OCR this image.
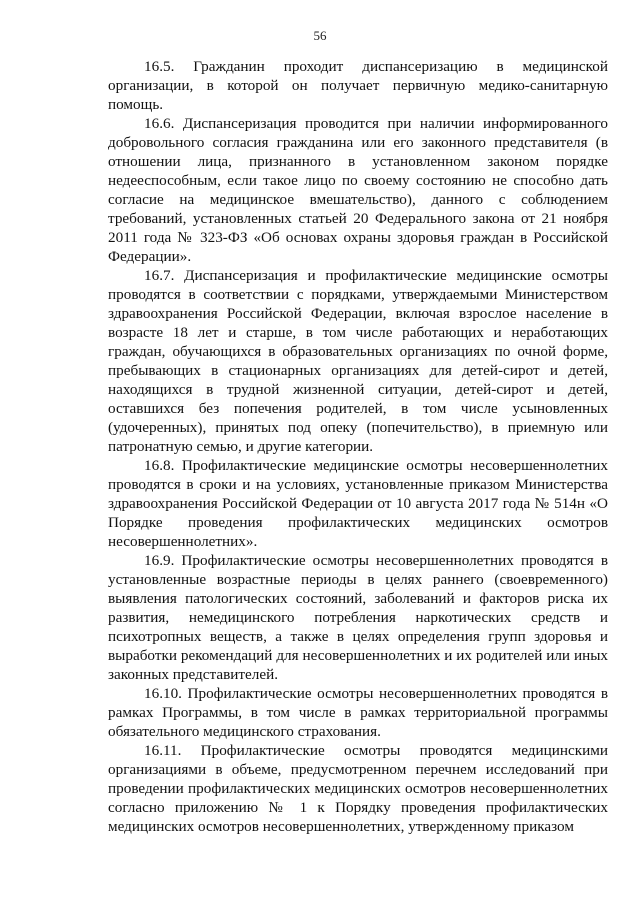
56

16.5. Гражданин проходит диспансеризацию в медицинской организации, в которой он получает первичную медико-санитарную помощь.

16.6. Диспансеризация проводится при наличии информированного добровольного согласия гражданина или его законного представителя (в отношении лица, признанного в установленном законом порядке недееспособным, если такое лицо по своему состоянию не способно дать согласие на медицинское вмешательство), данного с соблюдением требований, установленных статьей 20 Федерального закона от 21 ноября 2011 года № 323-ФЗ «Об основах охраны здоровья граждан в Российской Федерации».

16.7. Диспансеризация и профилактические медицинские осмотры проводятся в соответствии с порядками, утверждаемыми Министерством здравоохранения Российской Федерации, включая взрослое население в возрасте 18 лет и старше, в том числе работающих и неработающих граждан, обучающихся в образовательных организациях по очной форме, пребывающих в стационарных организациях для детей-сирот и детей, находящихся в трудной жизненной ситуации, детей-сирот и детей, оставшихся без попечения родителей, в том числе усыновленных (удочеренных), принятых под опеку (попечительство), в приемную или патронатную семью, и другие категории.

16.8. Профилактические медицинские осмотры несовершеннолетних проводятся в сроки и на условиях, установленные приказом Министерства здравоохранения Российской Федерации от 10 августа 2017 года № 514н «О Порядке проведения профилактических медицинских осмотров несовершеннолетних».

16.9. Профилактические осмотры несовершеннолетних проводятся в установленные возрастные периоды в целях раннего (своевременного) выявления патологических состояний, заболеваний и факторов риска их развития, немедицинского потребления наркотических средств и психотропных веществ, а также в целях определения групп здоровья и выработки рекомендаций для несовершеннолетних и их родителей или иных законных представителей.

16.10. Профилактические осмотры несовершеннолетних проводятся в рамках Программы, в том числе в рамках территориальной программы обязательного медицинского страхования.

16.11. Профилактические осмотры проводятся медицинскими организациями в объеме, предусмотренном перечнем исследований при проведении профилактических медицинских осмотров несовершеннолетних согласно приложению № 1 к Порядку проведения профилактических медицинских осмотров несовершеннолетних, утвержденному приказом
